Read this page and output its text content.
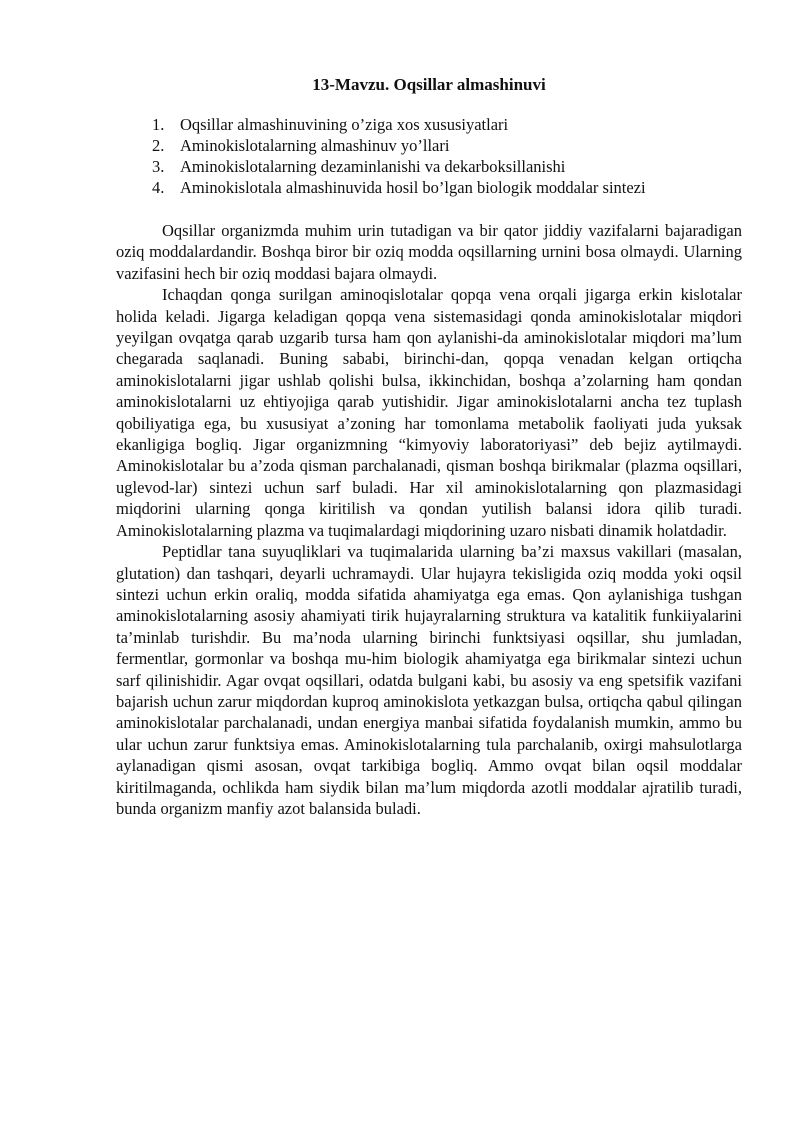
13-Mavzu. Oqsillar almashinuvi
1. Oqsillar almashinuvining o’ziga xos xususiyatlari
2. Aminokislotalarning almashinuv yo’llari
3. Aminokislotalarning dezaminlanishi va dekarboksillanishi
4. Aminokislotala almashinuvida hosil bo’lgan biologik moddalar sintezi

Oqsillar organizmda muhim urin tutadigan va bir qator jiddiy vazifalarni bajaradigan oziq moddalardandir. Boshqa biror bir oziq modda oqsillarning urnini bosa olmaydi. Ularning vazifasini hech bir oziq moddasi bajara olmaydi.

Ichaqdan qonga surilgan aminoqislotalar qopqa vena orqali jigarga erkin kislotalar holida keladi. Jigarga keladigan qopqa vena sistemasidagi qonda aminokislotalar miqdori yeyilgan ovqatga qarab uzgarib tursa ham qon aylanishi-da aminokislotalar miqdori ma’lum chegarada saqlanadi. Buning sababi, birinchi-dan, qopqa venadan kelgan ortiqcha aminokislotalarni jigar ushlab qolishi bulsa, ikkinchidan, boshqa a’zolarning ham qondan aminokislotalarni uz ehtiyojiga qarab yutishidir. Jigar aminokislotalarni ancha tez tuplash qobiliyatiga ega, bu xususiyat a’zoning har tomonlama metabolik faoliyati juda yuksak ekanligiga bogliq. Jigar organizmning “kimyoviy laboratoriyasi” deb bejiz aytilmaydi. Aminokislotalar bu a’zoda qisman parchalanadi, qisman boshqa birikmalar (plazma oqsillari, uglevod-lar) sintezi uchun sarf buladi. Har xil aminokislotalarning qon plazmasidagi miqdorini ularning qonga kiritilish va qondan yutilish balansi idora qilib turadi. Aminokislotalarning plazma va tuqimalardagi miqdorining uzaro nisbati dinamik holatdadir.

Peptidlar tana suyuqliklari va tuqimalarida ularning ba’zi maxsus vakillari (masalan, glutation) dan tashqari, deyarli uchramaydi. Ular hujayra tekisligida oziq modda yoki oqsil sintezi uchun erkin oraliq, modda sifatida ahamiyatga ega emas. Qon aylanishiga tushgan aminokislotalarning asosiy ahamiyati tirik hujayralarning struktura va katalitik funkiiyalarini ta’minlab turishdir. Bu ma’noda ularning birinchi funktsiyasi oqsillar, shu jumladan, fermentlar, gormonlar va boshqa mu-him biologik ahamiyatga ega birikmalar sintezi uchun sarf qilinishidir. Agar ovqat oqsillari, odatda bulgani kabi, bu asosiy va eng spetsifik vazifani bajarish uchun zarur miqdordan kuproq aminokislota yetkazgan bulsa, ortiqcha qabul qilingan aminokislotalar parchalanadi, undan energiya manbai sifatida foydalanish mumkin, ammo bu ular uchun zarur funktsiya emas. Aminokislotalarning tula parchalanib, oxirgi mahsulotlarga aylanadigan qismi asosan, ovqat tarkibiga bogliq. Ammo ovqat bilan oqsil moddalar kiritilmaganda, ochlikda ham siydik bilan ma’lum miqdorda azotli moddalar ajratilib turadi, bunda organizm manfiy azot balansida buladi.
